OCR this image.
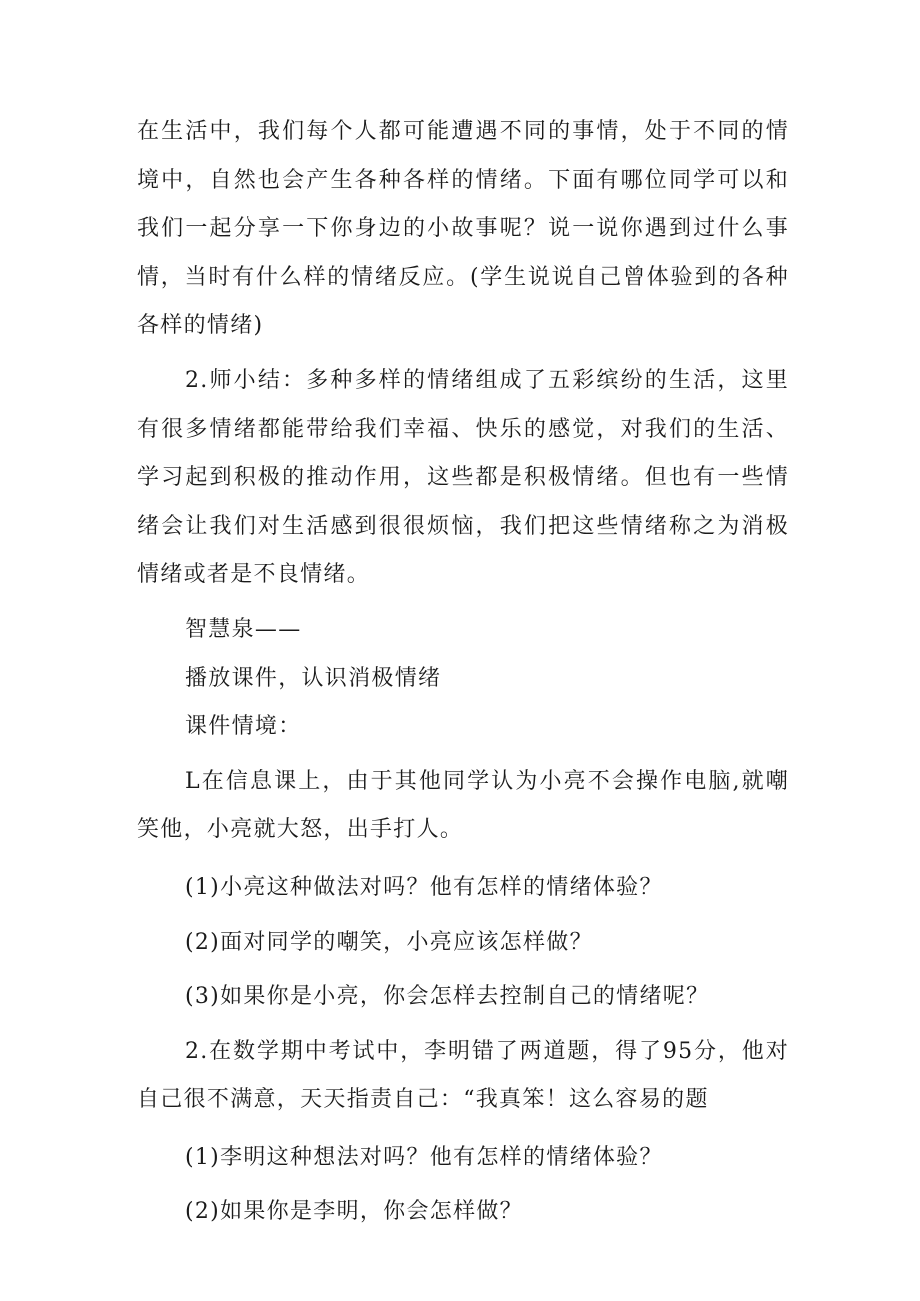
在生活中，我们每个人都可能遭遇不同的事情，处于不同的情境中，自然也会产生各种各样的情绪。下面有哪位同学可以和我们一起分享一下你身边的小故事呢？说一说你遇到过什么事情，当时有什么样的情绪反应。(学生说说自己曾体验到的各种各样的情绪)

2.师小结：多种多样的情绪组成了五彩缤纷的生活，这里有很多情绪都能带给我们幸福、快乐的感觉，对我们的生活、学习起到积极的推动作用，这些都是积极情绪。但也有一些情绪会让我们对生活感到很很烦恼，我们把这些情绪称之为消极情绪或者是不良情绪。

智慧泉——

播放课件，认识消极情绪

课件情境：

L在信息课上，由于其他同学认为小亮不会操作电脑,就嘲笑他，小亮就大怒，出手打人。

(1)小亮这种做法对吗？他有怎样的情绪体验？

(2)面对同学的嘲笑，小亮应该怎样做？

(3)如果你是小亮，你会怎样去控制自己的情绪呢？

2.在数学期中考试中，李明错了两道题，得了95分，他对自己很不满意，天天指责自己：“我真笨！这么容易的题

(1)李明这种想法对吗？他有怎样的情绪体验？

(2)如果你是李明，你会怎样做？
